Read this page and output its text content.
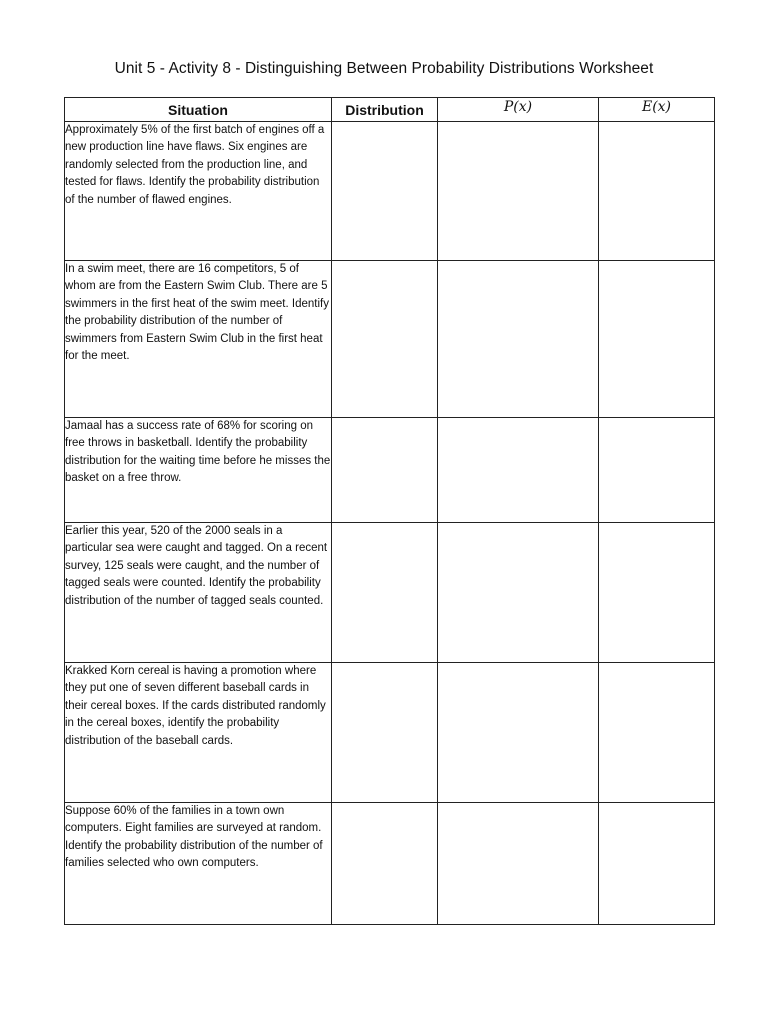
Unit 5 - Activity 8 - Distinguishing Between Probability Distributions Worksheet
Situation	Distribution	P(x)	E(x)
Approximately 5% of the first batch of engines off a new production line have flaws. Six engines are randomly selected from the production line, and tested for flaws. Identify the probability distribution of the number of flawed engines.			
In a swim meet, there are 16 competitors, 5 of whom are from the Eastern Swim Club. There are 5 swimmers in the first heat of the swim meet. Identify the probability distribution of the number of swimmers from Eastern Swim Club in the first heat for the meet.			
Jamaal has a success rate of 68% for scoring on free throws in basketball. Identify the probability distribution for the waiting time before he misses the basket on a free throw.			
Earlier this year, 520 of the 2000 seals in a particular sea were caught and tagged. On a recent survey, 125 seals were caught, and the number of tagged seals were counted. Identify the probability distribution of the number of tagged seals counted.			
Krakked Korn cereal is having a promotion where they put one of seven different baseball cards in their cereal boxes. If the cards distributed randomly in the cereal boxes, identify the probability distribution of the baseball cards.			
Suppose 60% of the families in a town own computers. Eight families are surveyed at random. Identify the probability distribution of the number of families selected who own computers.			
